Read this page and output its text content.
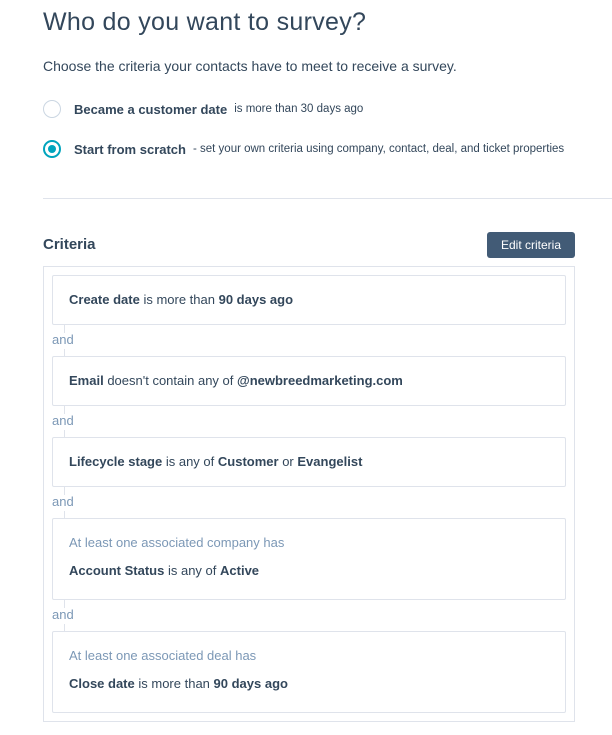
Who do you want to survey?
Choose the criteria your contacts have to meet to receive a survey.
Became a customer date is more than 30 days ago
Start from scratch - set your own criteria using company, contact, deal, and ticket properties
Criteria	Edit criteria
Create date is more than 90 days ago
and
Email doesn't contain any of @newbreedmarketing.com
and
Lifecycle stage is any of Customer or Evangelist
and
At least one associated company has
Account Status is any of Active
and
At least one associated deal has
Close date is more than 90 days ago
